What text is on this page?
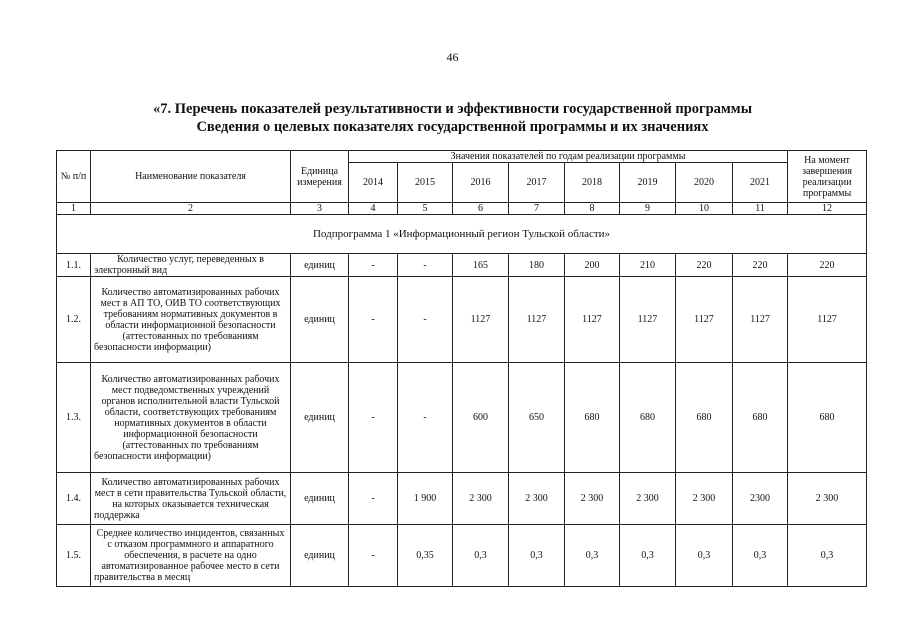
46
«7. Перечень показателей результативности и эффективности государственной программы
Сведения о целевых показателях государственной программы и их значениях
№ п/п	Наименование показателя	Единица измерения	Значения показателей по годам реализации программы								На момент завершения реализации программы
			2014	2015	2016	2017	2018	2019	2020	2021	
1	2	3	4	5	6	7	8	9	10	11	12
Подпрограмма 1 «Информационный регион Тульской области»											
1.1.	Количество услуг, переведенных в электронный вид	единиц	-	-	165	180	200	210	220	220	220
1.2.	Количество автоматизированных рабочих мест в АП ТО, ОИВ ТО соответствующих требованиям нормативных документов в области информационной безопасности (аттестованных по требованиям безопасности информации)	единиц	-	-	1127	1127	1127	1127	1127	1127	1127
1.3.	Количество автоматизированных рабочих мест подведомственных учреждений органов исполнительной власти Тульской области, соответствующих требованиям нормативных документов в области информационной безопасности (аттестованных по требованиям безопасности информации)	единиц	-	-	600	650	680	680	680	680	680
1.4.	Количество автоматизированных рабочих мест в сети правительства Тульской области, на которых оказывается техническая поддержка	единиц	-	1 900	2 300	2 300	2 300	2 300	2 300	2300	2 300
1.5.	Среднее количество инцидентов, связанных с отказом программного и аппаратного обеспечения, в расчете на одно автоматизированное рабочее место в сети правительства в месяц	единиц	-	0,35	0,3	0,3	0,3	0,3	0,3	0,3	0,3
